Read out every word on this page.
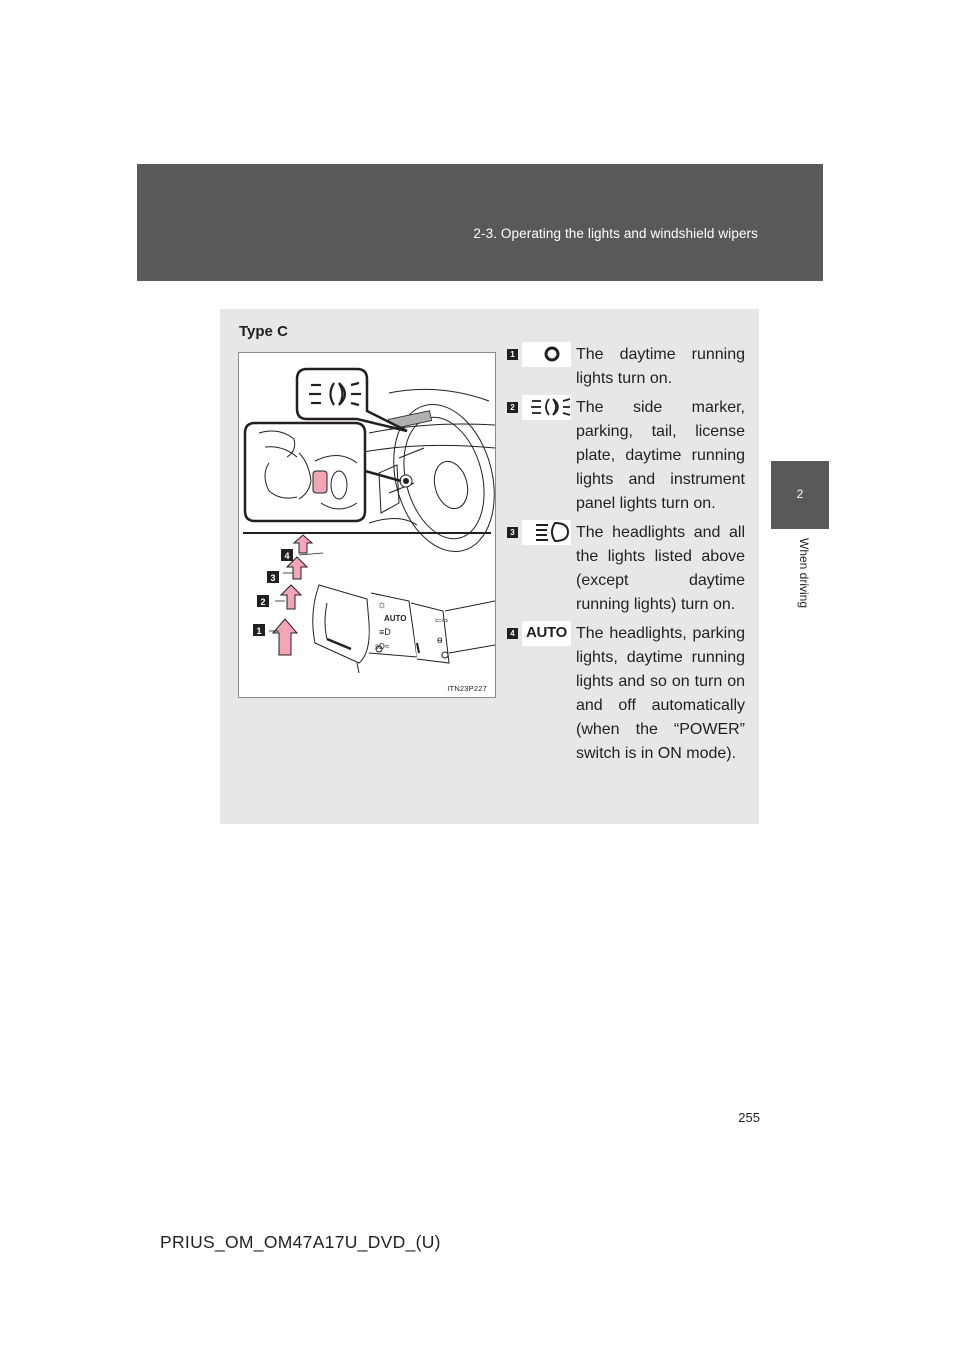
2-3. Operating the lights and windshield wipers
2
When driving
Type C
☼
AUTO
≡D
ↄD≈
ɵ
⇦⇨
1
2
3
4
ITN23P227
1	The daytime running lights turn on.
2	The side marker, parking, tail, license plate, daytime running lights and instrument panel lights turn on.
3	The headlights and all the lights listed above (except daytime running lights) turn on.
4 AUTO The headlights, parking lights, daytime running lights and so on turn on and off automatically (when the “POWER” switch is in ON mode).
255
PRIUS_OM_OM47A17U_DVD_(U)
